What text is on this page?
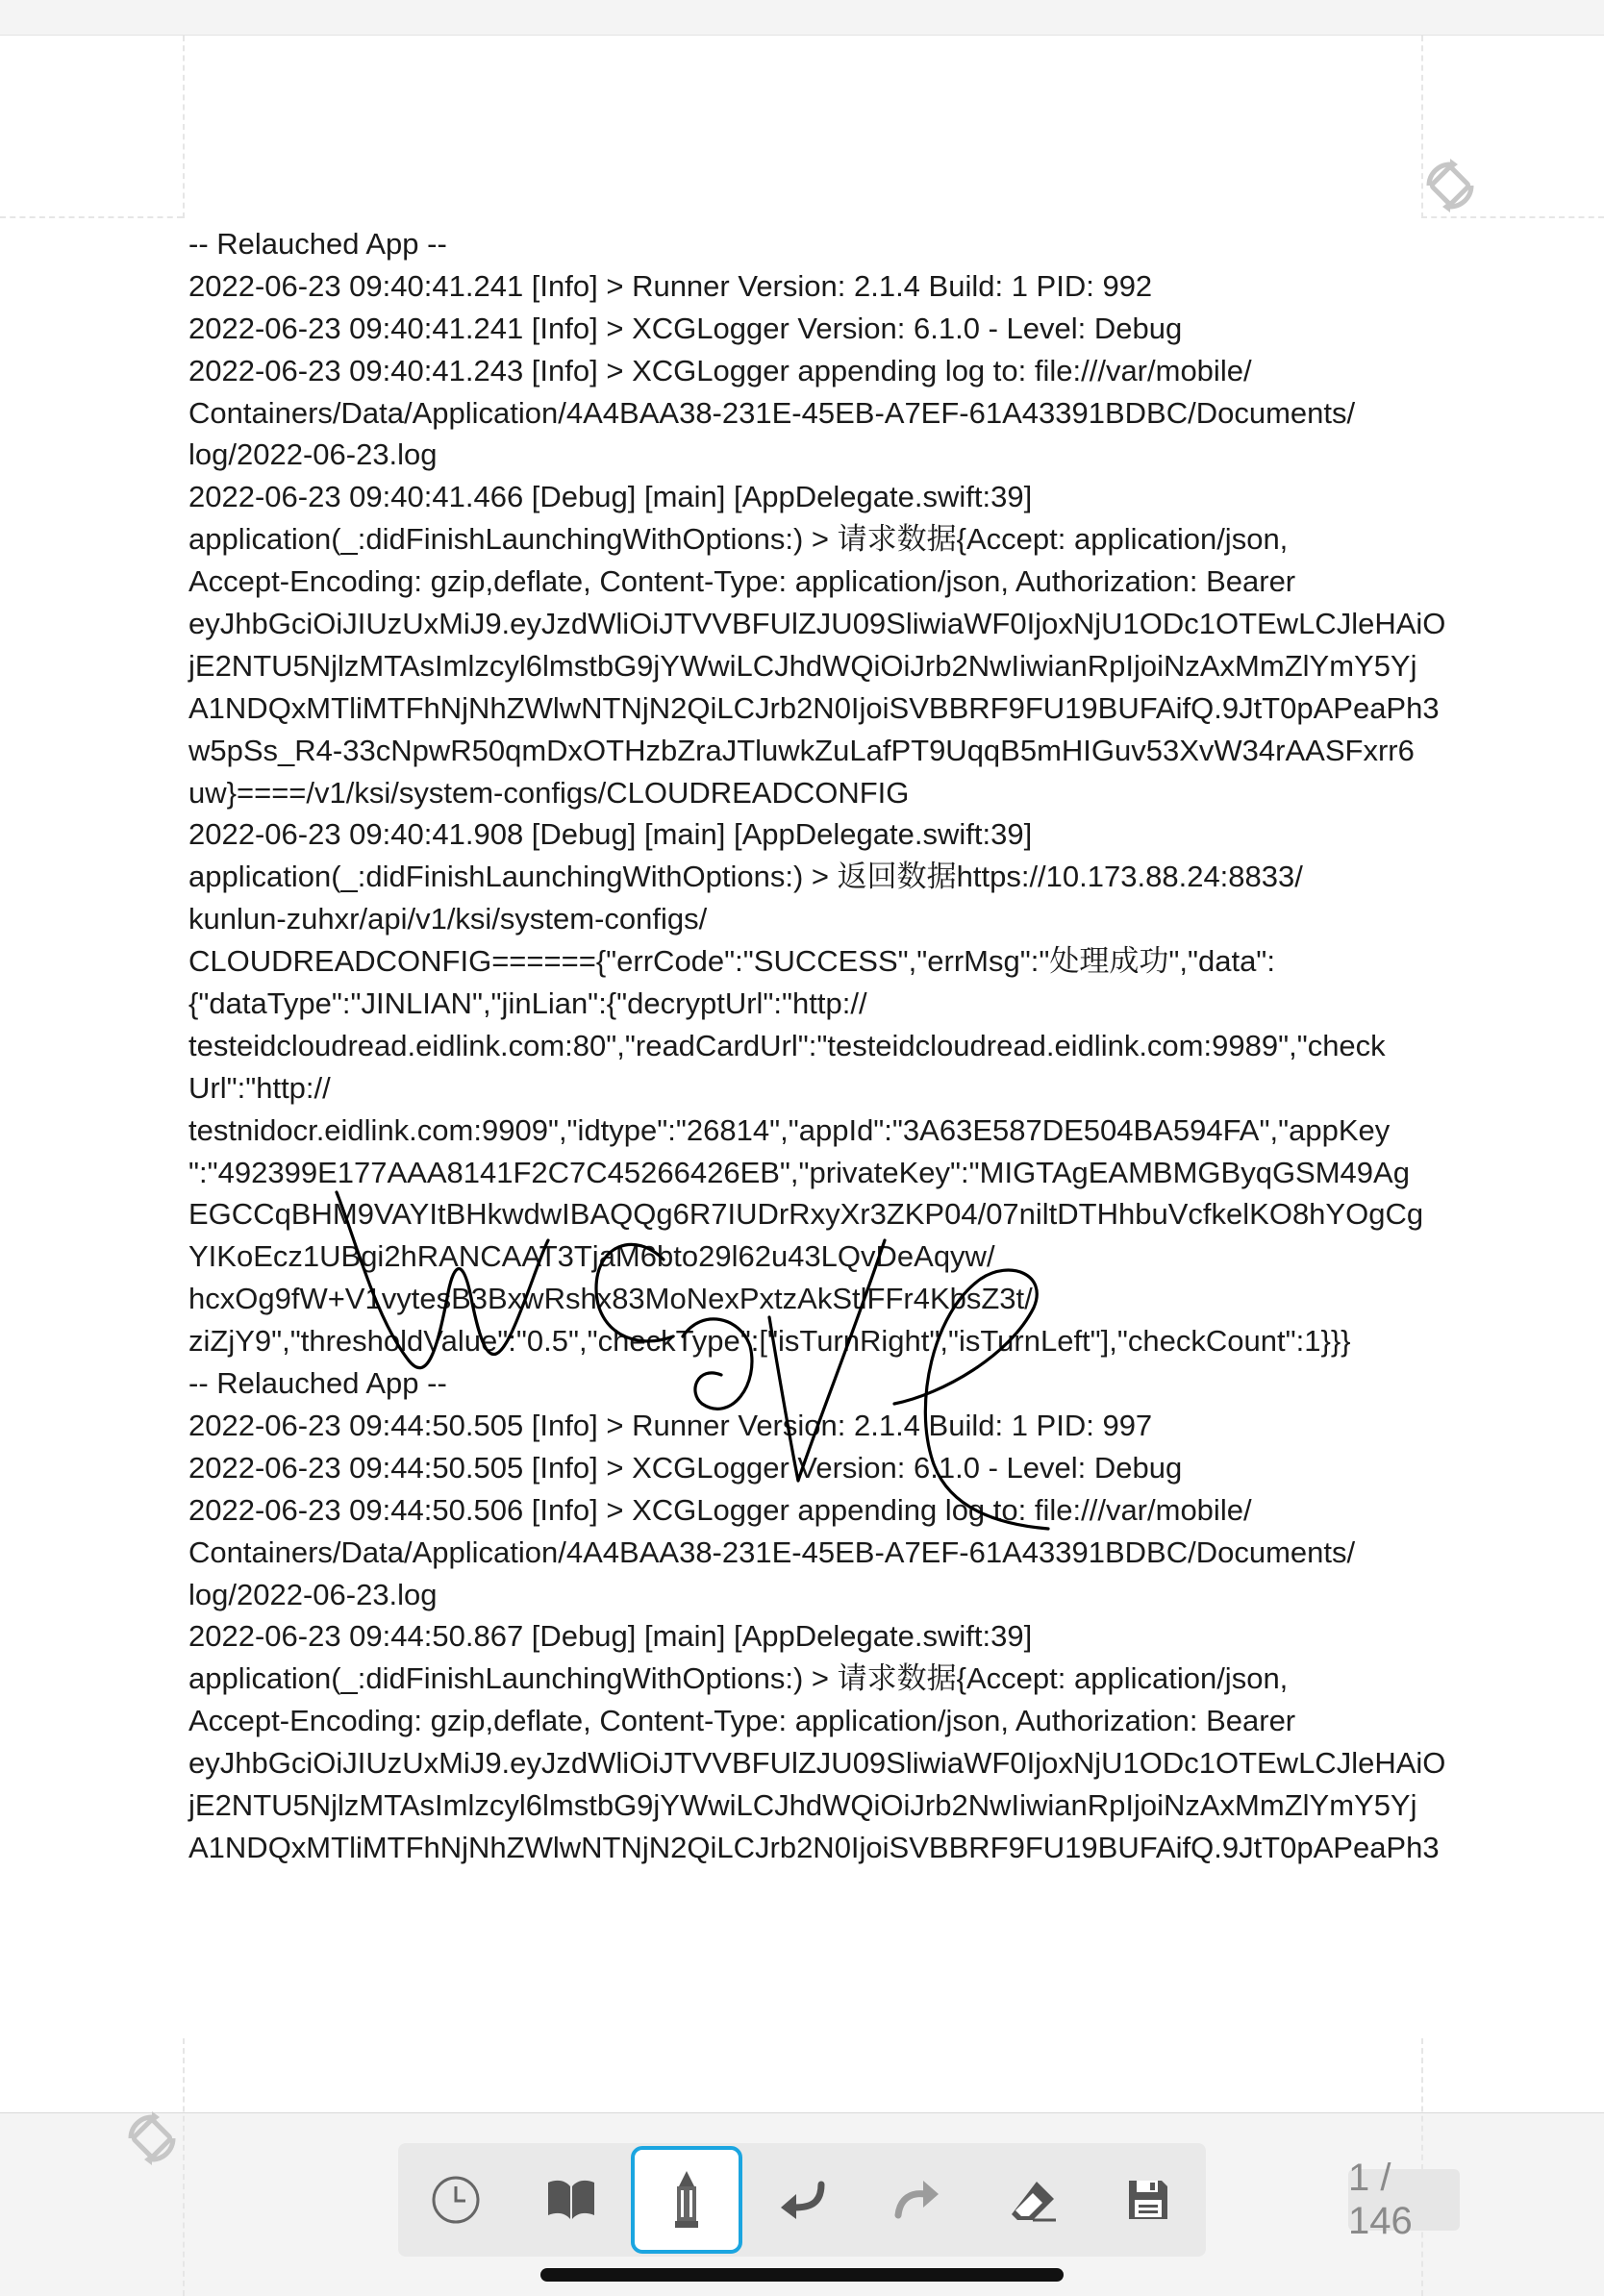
-- Relauched App --
2022-06-23 09:40:41.241 [Info] > Runner Version: 2.1.4 Build: 1 PID: 992
2022-06-23 09:40:41.241 [Info] > XCGLogger Version: 6.1.0 - Level: Debug
2022-06-23 09:40:41.243 [Info] > XCGLogger appending log to: file:///var/mobile/
Containers/Data/Application/4A4BAA38-231E-45EB-A7EF-61A43391BDBC/Documents/
log/2022-06-23.log
2022-06-23 09:40:41.466 [Debug] [main] [AppDelegate.swift:39]
application(_:didFinishLaunchingWithOptions:) > 请求数据{Accept: application/json,
Accept-Encoding: gzip,deflate, Content-Type: application/json, Authorization: Bearer
eyJhbGciOiJIUzUxMiJ9.eyJzdWliOiJTVVBFUlZJU09SliwiaWF0IjoxNjU1ODc1OTEwLCJleHAiO
jE2NTU5NjlzMTAsImlzcyl6lmstbG9jYWwiLCJhdWQiOiJrb2NwIiwianRpIjoiNzAxMmZlYmY5Yj
A1NDQxMTliMTFhNjNhZWlwNTNjN2QiLCJrb2N0IjoiSVBBRF9FU19BUFAifQ.9JtT0pAPeaPh3
w5pSs_R4-33cNpwR50qmDxOTHzbZraJTluwkZuLafPT9UqqB5mHIGuv53XvW34rAASFxrr6
uw}====/v1/ksi/system-configs/CLOUDREADCONFIG
2022-06-23 09:40:41.908 [Debug] [main] [AppDelegate.swift:39]
application(_:didFinishLaunchingWithOptions:) > 返回数据https://10.173.88.24:8833/
kunlun-zuhxr/api/v1/ksi/system-configs/
CLOUDREADCONFIG======{"errCode":"SUCCESS","errMsg":"处理成功","data":
{"dataType":"JINLIAN","jinLian":{"decryptUrl":"http://
testeidcloudread.eidlink.com:80","readCardUrl":"testeidcloudread.eidlink.com:9989","check
Url":"http://
testnidocr.eidlink.com:9909","idtype":"26814","appId":"3A63E587DE504BA594FA","appKey
":"492399E177AAA8141F2C7C45266426EB","privateKey":"MIGTAgEAMBMGByqGSM49Ag
EGCCqBHM9VAYItBHkwdwIBAQQg6R7IUDrRxyXr3ZKP04/07niltDTHhbuVcfkelKO8hYOgCg
YIKoEcz1UBgi2hRANCAAT3TjaM6bto29l62u43LQvDeAqyw/
hcxOg9fW+V1vytesB3BxwRshx83MoNexPxtzAkStlFFr4KbsZ3t/
ziZjY9","thresholdValue":"0.5","checkType":["isTurnRight","isTurnLeft"],"checkCount":1}}}
-- Relauched App --
2022-06-23 09:44:50.505 [Info] > Runner Version: 2.1.4 Build: 1 PID: 997
2022-06-23 09:44:50.505 [Info] > XCGLogger Version: 6.1.0 - Level: Debug
2022-06-23 09:44:50.506 [Info] > XCGLogger appending log to: file:///var/mobile/
Containers/Data/Application/4A4BAA38-231E-45EB-A7EF-61A43391BDBC/Documents/
log/2022-06-23.log
2022-06-23 09:44:50.867 [Debug] [main] [AppDelegate.swift:39]
application(_:didFinishLaunchingWithOptions:) > 请求数据{Accept: application/json,
Accept-Encoding: gzip,deflate, Content-Type: application/json, Authorization: Bearer
eyJhbGciOiJIUzUxMiJ9.eyJzdWliOiJTVVBFUlZJU09SliwiaWF0IjoxNjU1ODc1OTEwLCJleHAiO
jE2NTU5NjlzMTAsImlzcyl6lmstbG9jYWwiLCJhdWQiOiJrb2NwIiwianRpIjoiNzAxMmZlYmY5Yj
A1NDQxMTliMTFhNjNhZWlwNTNjN2QiLCJrb2N0IjoiSVBBRF9FU19BUFAifQ.9JtT0pAPeaPh3
1 / 146
